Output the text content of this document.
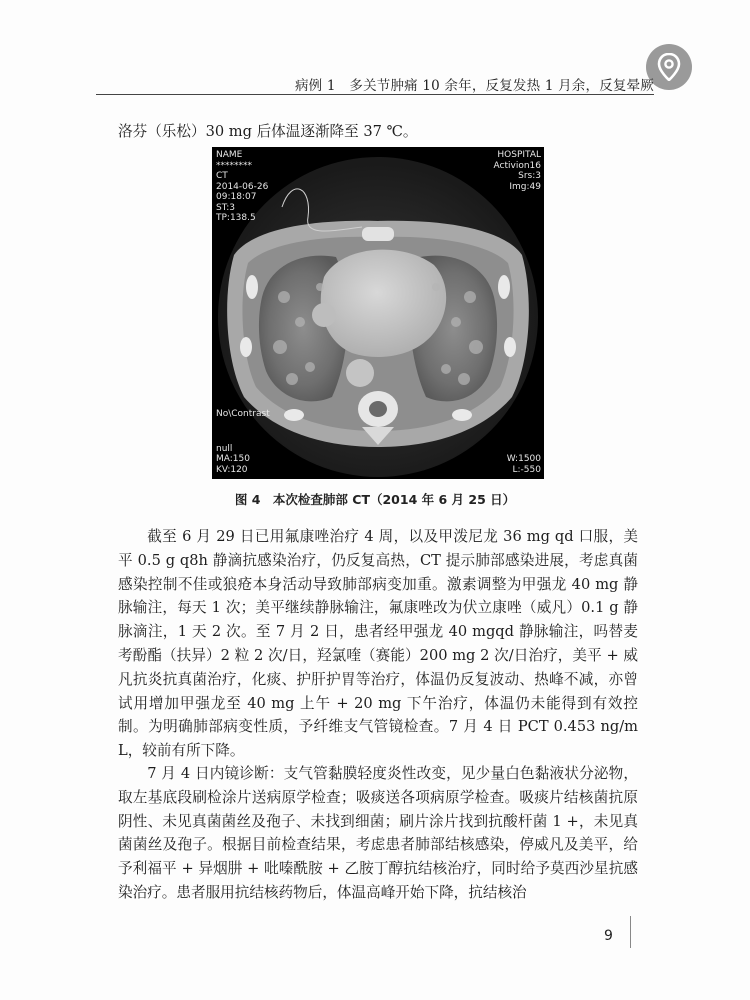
病例 1　多关节肿痛 10 余年，反复发热 1 月余，反复晕厥

洛芬（乐松）30 mg 后体温逐渐降至 37 ℃。

NAME
********
CT
2014-06-26
09:18:07
ST:3
TP:138.5
HOSPITAL
Activion16
Srs:3
Img:49
No\Contrast
null
MA:150
KV:120
W:1500
L:-550
图 4　本次检查肺部 CT（2014 年 6 月 25 日）

截至 6 月 29 日已用氟康唑治疗 4 周，以及甲泼尼龙 36 mg qd 口服，美平 0.5 g q8h 静滴抗感染治疗，仍反复高热，CT 提示肺部感染进展，考虑真菌感染控制不佳或狼疮本身活动导致肺部病变加重。激素调整为甲强龙 40 mg 静脉输注，每天 1 次；美平继续静脉输注，氟康唑改为伏立康唑（威凡）0.1 g 静脉滴注，1 天 2 次。至 7 月 2 日，患者经甲强龙 40 mgqd 静脉输注，吗替麦考酚酯（扶异）2 粒 2 次/日，羟氯喹（赛能）200 mg 2 次/日治疗，美平 + 威凡抗炎抗真菌治疗，化痰、护肝护胃等治疗，体温仍反复波动、热峰不减，亦曾试用增加甲强龙至 40 mg 上午 + 20 mg 下午治疗，体温仍未能得到有效控制。为明确肺部病变性质，予纤维支气管镜检查。7 月 4 日 PCT 0.453 ng/mL，较前有所下降。

7 月 4 日内镜诊断：支气管黏膜轻度炎性改变，见少量白色黏液状分泌物，取左基底段刷检涂片送病原学检查；吸痰送各项病原学检查。吸痰片结核菌抗原阴性、未见真菌菌丝及孢子、未找到细菌；刷片涂片找到抗酸杆菌 1 +，未见真菌菌丝及孢子。根据目前检查结果，考虑患者肺部结核感染，停威凡及美平，给予利福平 + 异烟肼 + 吡嗪酰胺 + 乙胺丁醇抗结核治疗，同时给予莫西沙星抗感染治疗。患者服用抗结核药物后，体温高峰开始下降，抗结核治

9
